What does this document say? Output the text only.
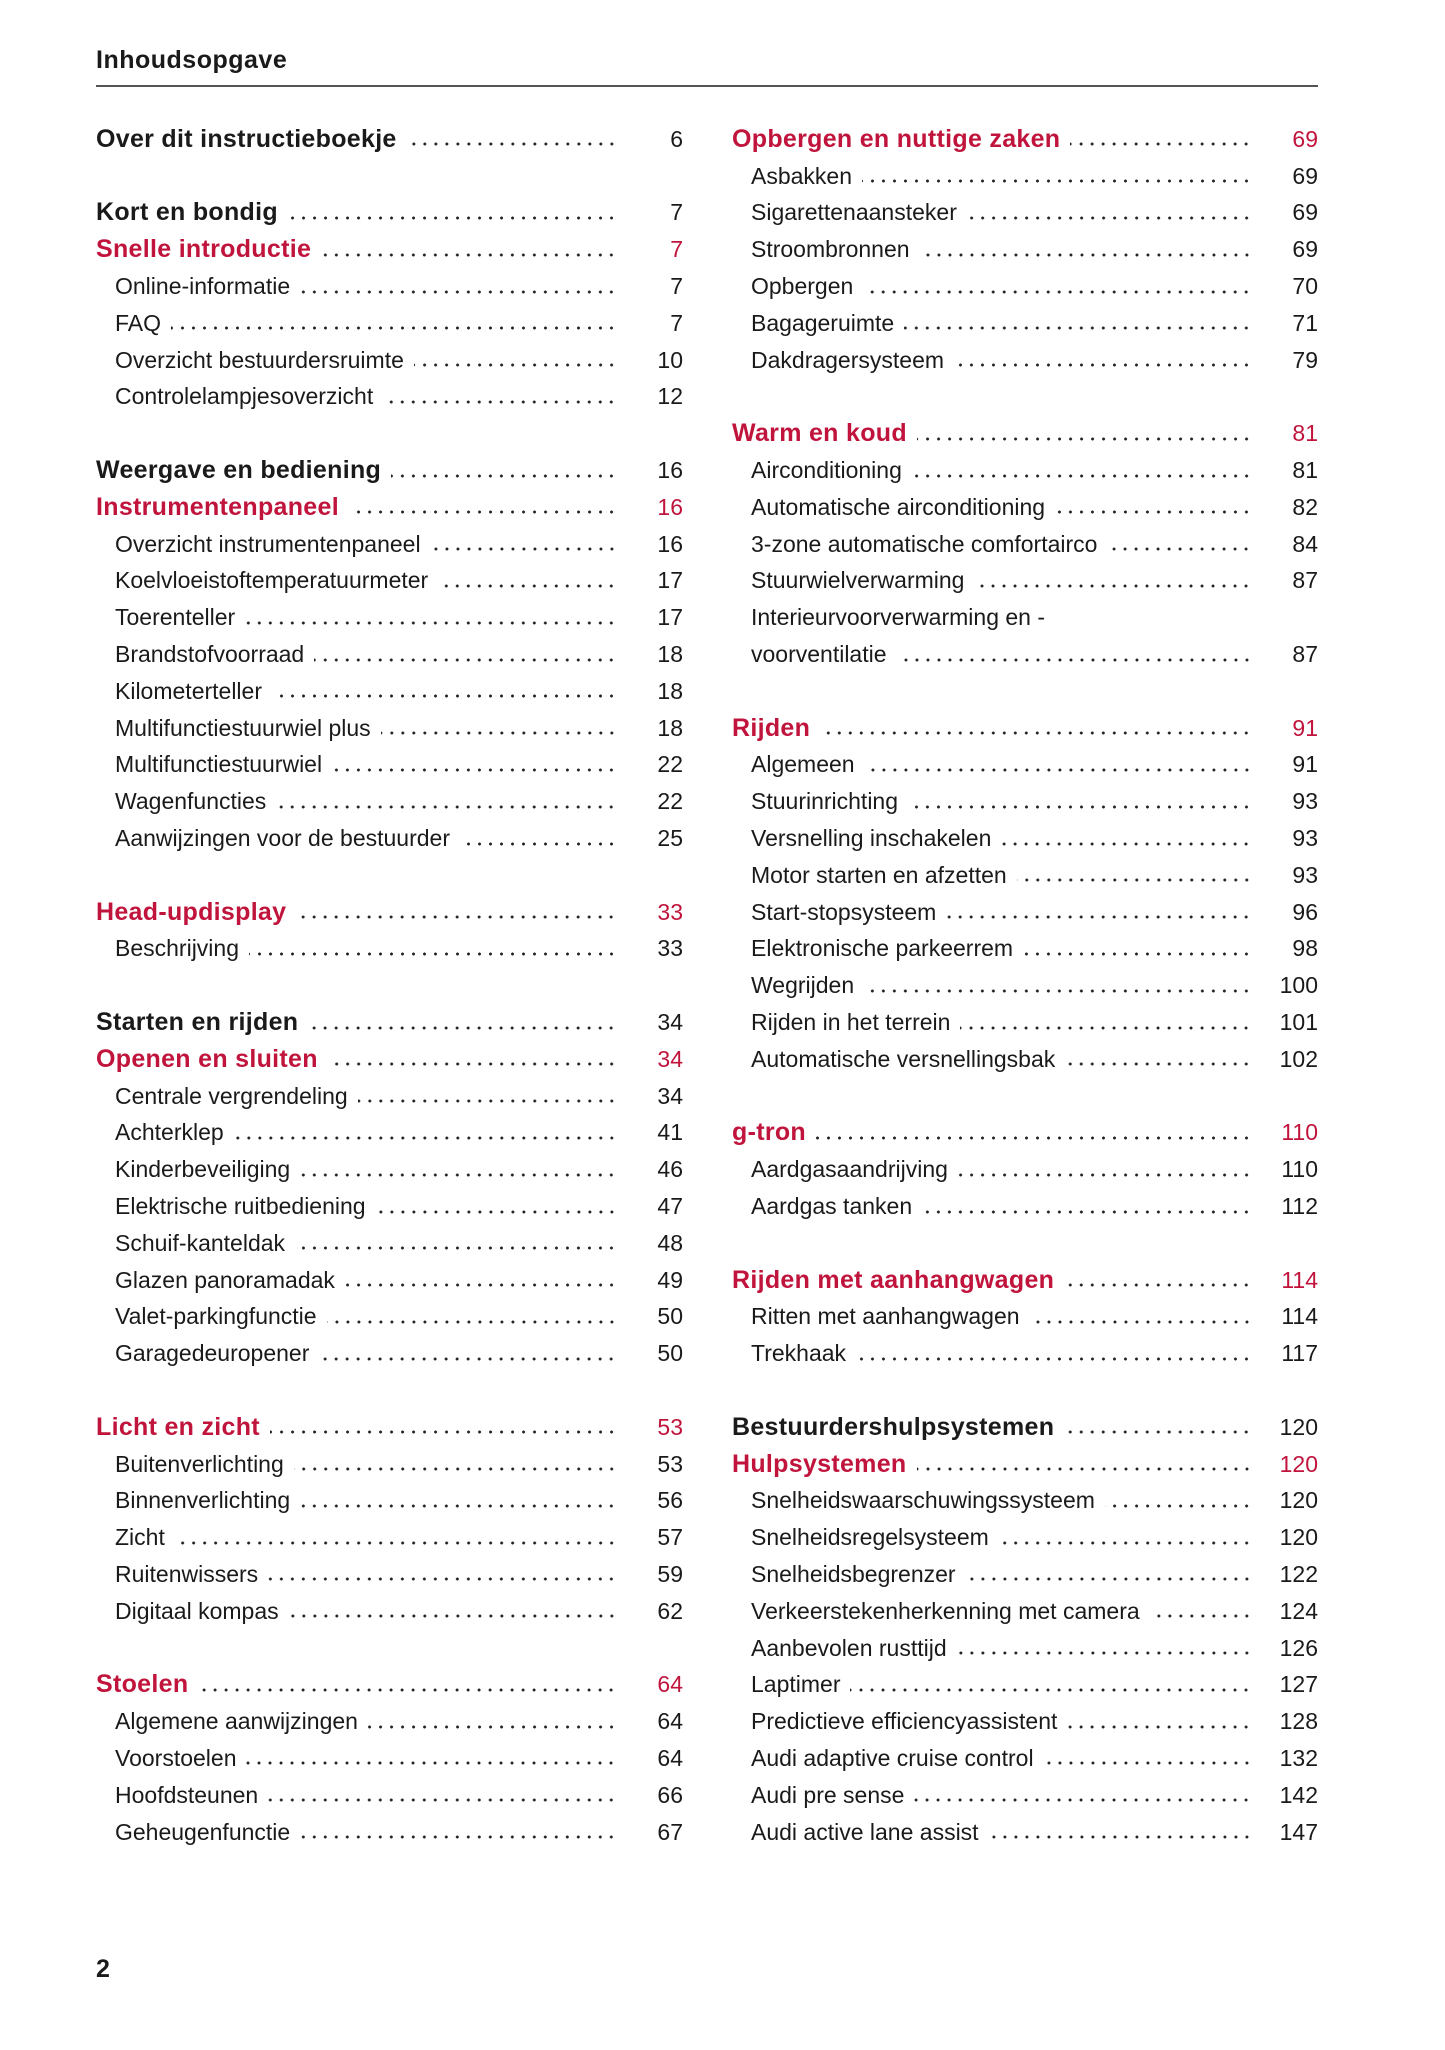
Inhoudsopgave
Over dit instructieboekje	6
Kort en bondig	7
Snelle introductie	7
Online-informatie	7
FAQ	7
Overzicht bestuurdersruimte	10
Controlelampjesoverzicht	12
Weergave en bediening	16
Instrumentenpaneel	16
Overzicht instrumentenpaneel	16
Koelvloeistoftemperatuurmeter	17
Toerenteller	17
Brandstofvoorraad	18
Kilometerteller	18
Multifunctiestuurwiel plus	18
Multifunctiestuurwiel	22
Wagenfuncties	22
Aanwijzingen voor de bestuurder	25
Head-updisplay	33
Beschrijving	33
Starten en rijden	34
Openen en sluiten	34
Centrale vergrendeling	34
Achterklep	41
Kinderbeveiliging	46
Elektrische ruitbediening	47
Schuif-kanteldak	48
Glazen panoramadak	49
Valet-parkingfunctie	50
Garagedeuropener	50
Licht en zicht	53
Buitenverlichting	53
Binnenverlichting	56
Zicht	57
Ruitenwissers	59
Digitaal kompas	62
Stoelen	64
Algemene aanwijzingen	64
Voorstoelen	64
Hoofdsteunen	66
Geheugenfunctie	67
Opbergen en nuttige zaken	69
Asbakken	69
Sigarettenaansteker	69
Stroombronnen	69
Opbergen	70
Bagageruimte	71
Dakdragersysteem	79
Warm en koud	81
Airconditioning	81
Automatische airconditioning	82
3-zone automatische comfortairco	84
Stuurwielverwarming	87
Interieurvoorverwarming en -
voorventilatie	87
Rijden	91
Algemeen	91
Stuurinrichting	93
Versnelling inschakelen	93
Motor starten en afzetten	93
Start-stopsysteem	96
Elektronische parkeerrem	98
Wegrijden	100
Rijden in het terrein	101
Automatische versnellingsbak	102
g-tron	110
Aardgasaandrijving	110
Aardgas tanken	112
Rijden met aanhangwagen	114
Ritten met aanhangwagen	114
Trekhaak	117
Bestuurdershulpsystemen	120
Hulpsystemen	120
Snelheidswaarschuwingssysteem	120
Snelheidsregelsysteem	120
Snelheidsbegrenzer	122
Verkeerstekenherkenning met camera	124
Aanbevolen rusttijd	126
Laptimer	127
Predictieve efficiencyassistent	128
Audi adaptive cruise control	132
Audi pre sense	142
Audi active lane assist	147
2
